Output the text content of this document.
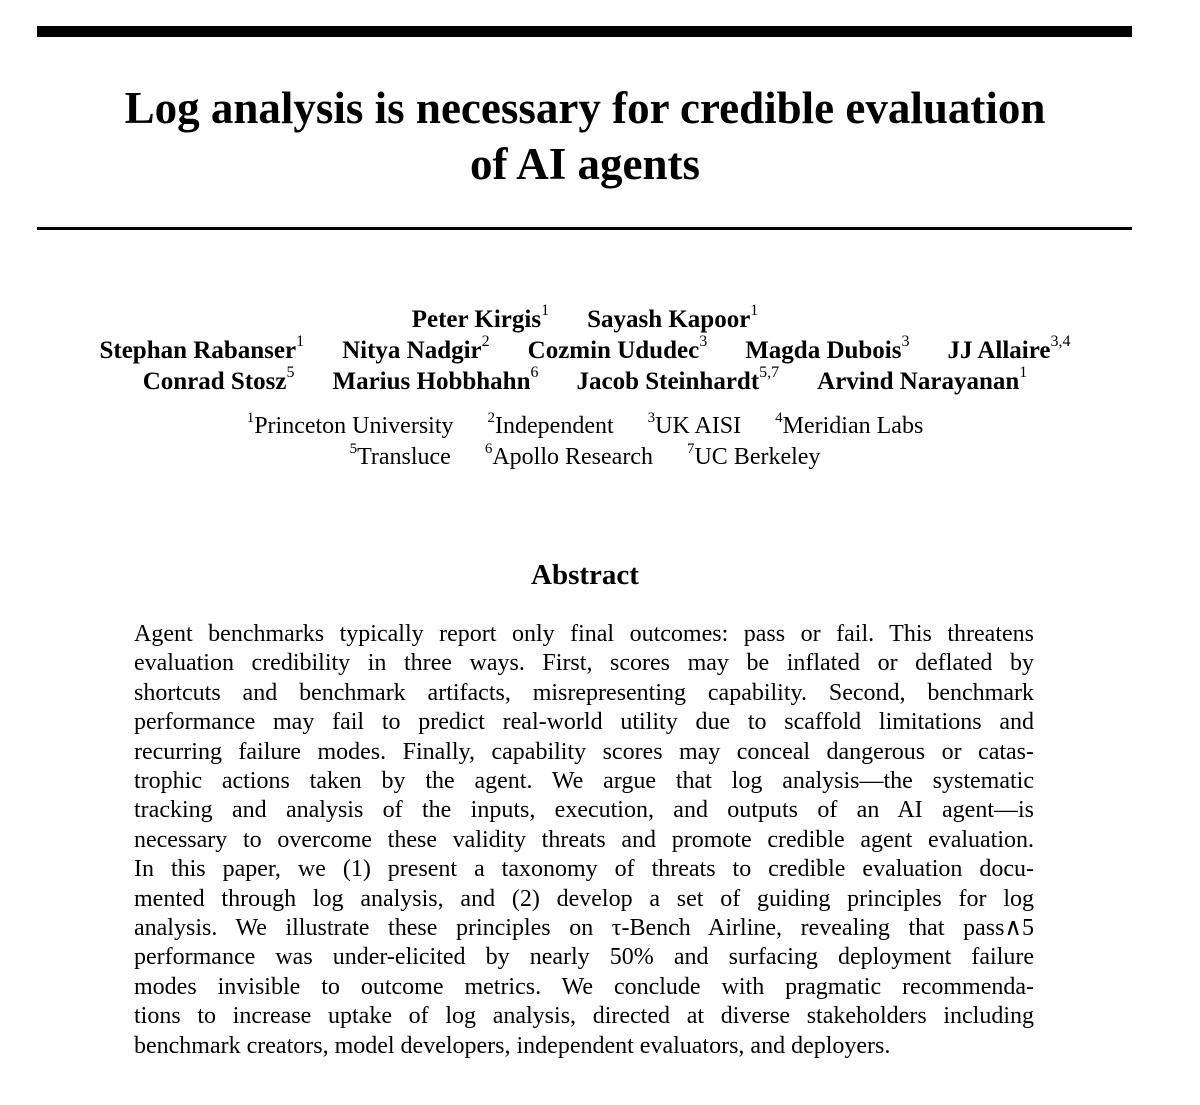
Log analysis is necessary for credible evaluation
of AI agents
Peter Kirgis$^1$ Sayash Kapoor$^1$
Stephan Rabanser$^1$ Nitya Nadgir$^2$ Cozmin Ududec$^3$ Magda Dubois$^3$ JJ Allaire$^{3,4}$
Conrad Stosz$^5$ Marius Hobbhahn$^6$ Jacob Steinhardt$^{5,7}$ Arvind Narayanan$^1$
$^1$Princeton University $^2$Independent $^3$UK AISI $^4$Meridian Labs
$^5$Transluce $^6$Apollo Research $^7$UC Berkeley
Abstract
Agent benchmarks typically report only final outcomes: pass or fail. This threatens
evaluation credibility in three ways. First, scores may be inflated or deflated by
shortcuts and benchmark artifacts, misrepresenting capability. Second, benchmark
performance may fail to predict real-world utility due to scaffold limitations and
recurring failure modes. Finally, capability scores may conceal dangerous or catas-
trophic actions taken by the agent. We argue that log analysis—the systematic
tracking and analysis of the inputs, execution, and outputs of an AI agent—is
necessary to overcome these validity threats and promote credible agent evaluation.
In this paper, we (1) present a taxonomy of threats to credible evaluation docu-
mented through log analysis, and (2) develop a set of guiding principles for log
analysis. We illustrate these principles on τ-Bench Airline, revealing that pass∧5
performance was under-elicited by nearly 50% and surfacing deployment failure
modes invisible to outcome metrics. We conclude with pragmatic recommenda-
tions to increase uptake of log analysis, directed at diverse stakeholders including
benchmark creators, model developers, independent evaluators, and deployers.
